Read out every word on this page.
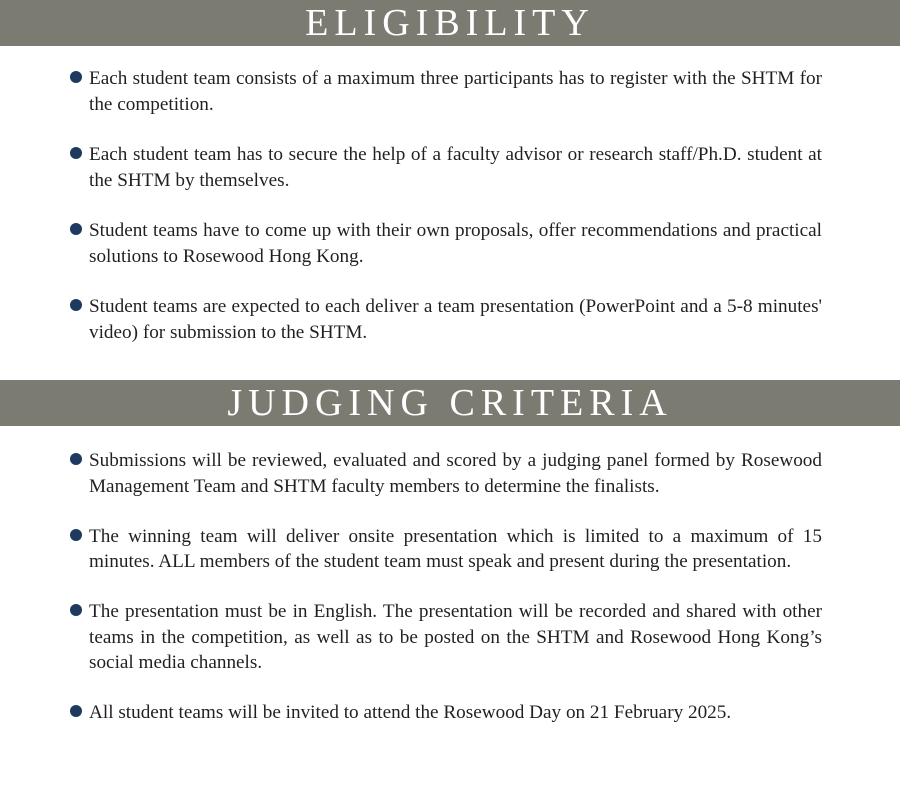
ELIGIBILITY
Each student team consists of a maximum three participants has to register with the SHTM for the competition.
Each student team has to secure the help of a faculty advisor or research staff/Ph.D. student at the SHTM by themselves.
Student teams have to come up with their own proposals, offer recommendations and practical solutions to Rosewood Hong Kong.
Student teams are expected to each deliver a team presentation (PowerPoint and a 5-8 minutes' video) for submission to the SHTM.
JUDGING CRITERIA
Submissions will be reviewed, evaluated and scored by a judging panel formed by Rosewood Management Team and SHTM faculty members to determine the finalists.
The winning team will deliver onsite presentation which is limited to a maximum of 15 minutes. ALL members of the student team must speak and present during the presentation.
The presentation must be in English. The presentation will be recorded and shared with other teams in the competition, as well as to be posted on the SHTM and Rosewood Hong Kong’s social media channels.
All student teams will be invited to attend the Rosewood Day on 21 February 2025.
